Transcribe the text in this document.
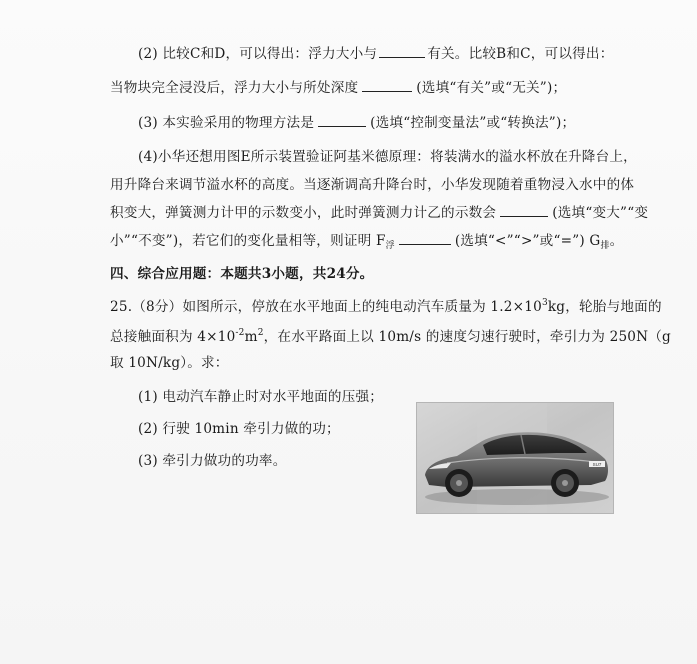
(2) 比较C和D，可以得出：浮力大小与	有关。比较B和C，可以得出：
当物块完全浸没后，浮力大小与所处深度	(选填“有关”或“无关”)；
(3) 本实验采用的物理方法是	(选填“控制变量法”或“转换法”)；
(4)小华还想用图E所示装置验证阿基米德原理：将装满水的溢水杯放在升降台上，
用升降台来调节溢水杯的高度。当逐渐调高升降台时，小华发现随着重物浸入水中的体
积变大，弹簧测力计甲的示数变小，此时弹簧测力计乙的示数会	(选填“变大”“变
小”“不变”)，若它们的变化量相等，则证明 $F_浮$	(选填“<”“>”或“=”) $G_排$。
四、综合应用题：本题共3小题，共24分。
25.（8分）如图所示，停放在水平地面上的纯电动汽车质量为 $1.2\times 10^3kg$，轮胎与地面的
总接触面积为 $4\times 10^{-2}m^2$，在水平路面上以 10m/s 的速度匀速行驶时，牵引力为 250N（g
取 10N/kg）。求：
(1) 电动汽车静止时对水平地面的压强；
(2) 行驶 10min 牵引力做的功；
(3) 牵引力做功的功率。	SU7
